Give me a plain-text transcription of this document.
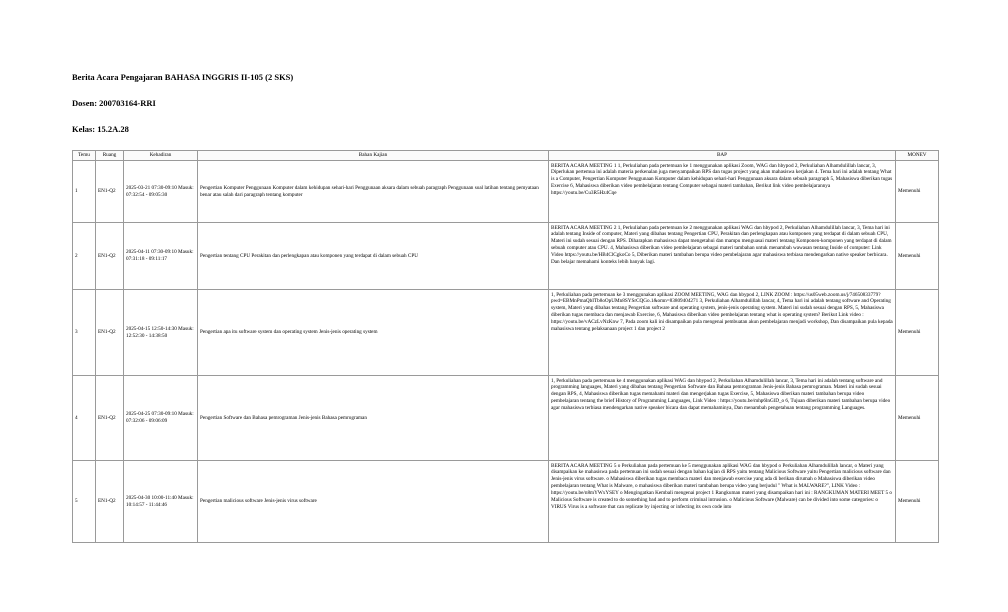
Berita Acara Pengajaran BAHASA INGGRIS II-105 (2 SKS)
Dosen: 200703164-RRI
Kelas: 15.2A.28
Temu	Ruang	Kehadiran	Bahan Kajian	BAP	MONEV
1	EN1-Q2	2025-03-21 07:30-09:10 Masuk: 07:32:54 - 09:05:30	Pengertian Komputer Penggunaan Komputer dalam kehidupan sehari-hari Penggunaan aksara dalam sebuah paragraph Penggunaan soal latihan tentang pemyataan benar atau salah dari paragraph tentang komputer	BERITA ACARA MEETING 1 1, Perkuliahan pada pertemuan ke 1 menggunakan aplikasi Zoom, WAG dan hbypod 2, Perkuliahan Alhamdulillah lancar, 3, Diperlukan pertemua ini adalah materia perkenalan juga menyampaikan RPS dan tugas project yang akan mahasiswa kerjakan 4. Tema hari ini adalah tentang What is a Computer, Pengertian Komputer Penggunaan Komputer dalam kehidupan sehari-hari Penggunaan aksara dalam sebuah paragraph 5, Mahasiswa diberikan tugas Exercise 6, Mahasiswa diberikan video pembelajaran tentang Computer sebagai materi tambahan, Berikut link video pembelajarannya https://youtu.be/Cu3R5Hz4Cqe	Memenuhi
2	EN1-Q2	2025-04-11 07:30-09:10 Masuk: 07:31:18 - 09:11:17	Pengertian tentang CPU Perakitan dan perlengkapan atau komponen yang terdapat di dalam sebuah CPU	BERITA ACARA MEETING 2 1, Perkuliahan pada pertemuan ke 2 menggunakan aplikasi WAG dan hbypod 2, Perkuliahan Alhamdulillah lancar, 3, Tema hari ini adalah tentang Inside of computer, Materi yang dibahas tentang Pengertian CPU, Perakitan dan perlengkapan atau komponen yang terdapat di dalam sebuah CPU, Materi ini sudah sesuai dengan RPS. Diharapkan mahasiswa dapat mengetahui dan mampu menguasai materi tentang Komponen-komponen yang terdapat di dalam sebuah computer atau CPU. 4, Mahasiswa diberikan video pembelajaran sebagai materi tambahan untuk menambah wawasan tentang Inside of computer: Link Video https://youtu.be/HB4ClCgkoCo 5, Diberikan materi tambahan berupa video pembelajaran agar mahasiswa terbiasa mendengarkan native speaker berbicara. Dan belajar memahami konteks lebih banyak lagi.	Memenuhi
3	EN1-Q2	2025-04-15 12:50-14:30 Masuk: 12:52:30 - 14:38:50	Pengertian apa itu software system dan operating system Jenis-jenis operating system	1, Perkuliahan pada pertemuan ke 3 menggunakan aplikasi ZOOM MEETING, WAG dan hbypod 2, LINK ZOOM : https://us05web.zoom.us/j/74650833779?pwd=EBMnPmaQbITb8oOpUMn8SYSrCQGo.1&omn=83809404271 3, Perkuliahan Alhamdulillah lancar, 4, Tema hari ini adalah tentang software and Operating system, Materi yang dibahas tentang Pengertian software and operating system, jenis-jenis operating system. Materi ini sudah sesuai dengan RPS, 5, Mahasiswa diberikan tugas membaca dan menjawab Exercise, 6, Mahasiswa diberikan video pembelajaran tentang what is operating system? Berikut Link video : https://youtu.be/vACzLvNzKnw 7, Pada zoom kali ini disampaikan pula mengenai pembuatan akun pembelajaran menjadi workshop, Dan disampaikan pula kepada mahasiswa tentang pelaksanaan project 1 dan project 2	Memenuhi
4	EN1-Q2	2025-04-25 07:30-09:10 Masuk: 07:32:06 - 09:06:09	Pengertian Software dan Bahasa pemrograman Jenis-jenis Bahasa pemrograman	1, Perkuliahan pada pertemuan ke 4 menggunakan aplikasi WAG dan hbypod 2, Perkuliahan Alhamdulillah lancar, 3, Tema hari ini adalah tentang software and programming languages, Materi yang dibahas tentang Pengertian Software dan Bahasa pemrograman Jenis-jenis Bahasa pemrograman. Materi ini sudah sesuai dengan RPS, 4, Mahasiswa diberikan tugas memahami materi dan mengerjakan tugas Exercise, 5, Mahasiswa diberikan materi tambahan berupa video pembelajaran tentang the brief History of Programming Languages, Link Video : https://youtu.be/mhp6lnGlD_o 6, Tujuan diberikan materi tambahan berupa video agar mahasiswa terbiasa mendengarkan native speaker bicara dan dapat memahaminya, Dan menambah pengetahuan tentang programming Languages.	Memenuhi
5	EN1-Q2	2025-04-30 10:00-11:40 Masuk: 10:14:57 - 11:44:46	Pengertian malicious software Jenis-jenis virus software	BERITA ACARA MEETING 5 o Perkuliahan pada pertemuan ke 5 menggunakan aplikasi WAG dan hbypod o Perkuliahan Alhamdulillah lancar, o Materi yang disampaikan ke mahasiswa pada pertemuan ini sudah sesuai dengan bahan kajian di RPS yaitu tentang Malicious Software yaitu Pengertian malicious software dan Jenis-jenis virus software. o Mahasiswa diberikan tugas membaca materi dan menjawab exercise yang ada di berikan dirumah o Mahasiswa diberikan video pembelajaran tentang What is Malware, o mahasiswa diberikan materi tambahan berupa video yang berjudul " What is MALWARE?", LINK Video : https://youtu.be/n8mYWxYSEY o Mengingatkan Kembali mengenai project 1 Rangkuman materi yang disampaikan hari ini : RANGKUMAN MATERI MEET 5 o Malicious Software is created to do something bad and to perform criminal intrusion. o Malicious Software (Malware) can be divided into some categories: o VIRUS Virus is a software that can replicate by injecting or infecting its own code into	Memenuhi
